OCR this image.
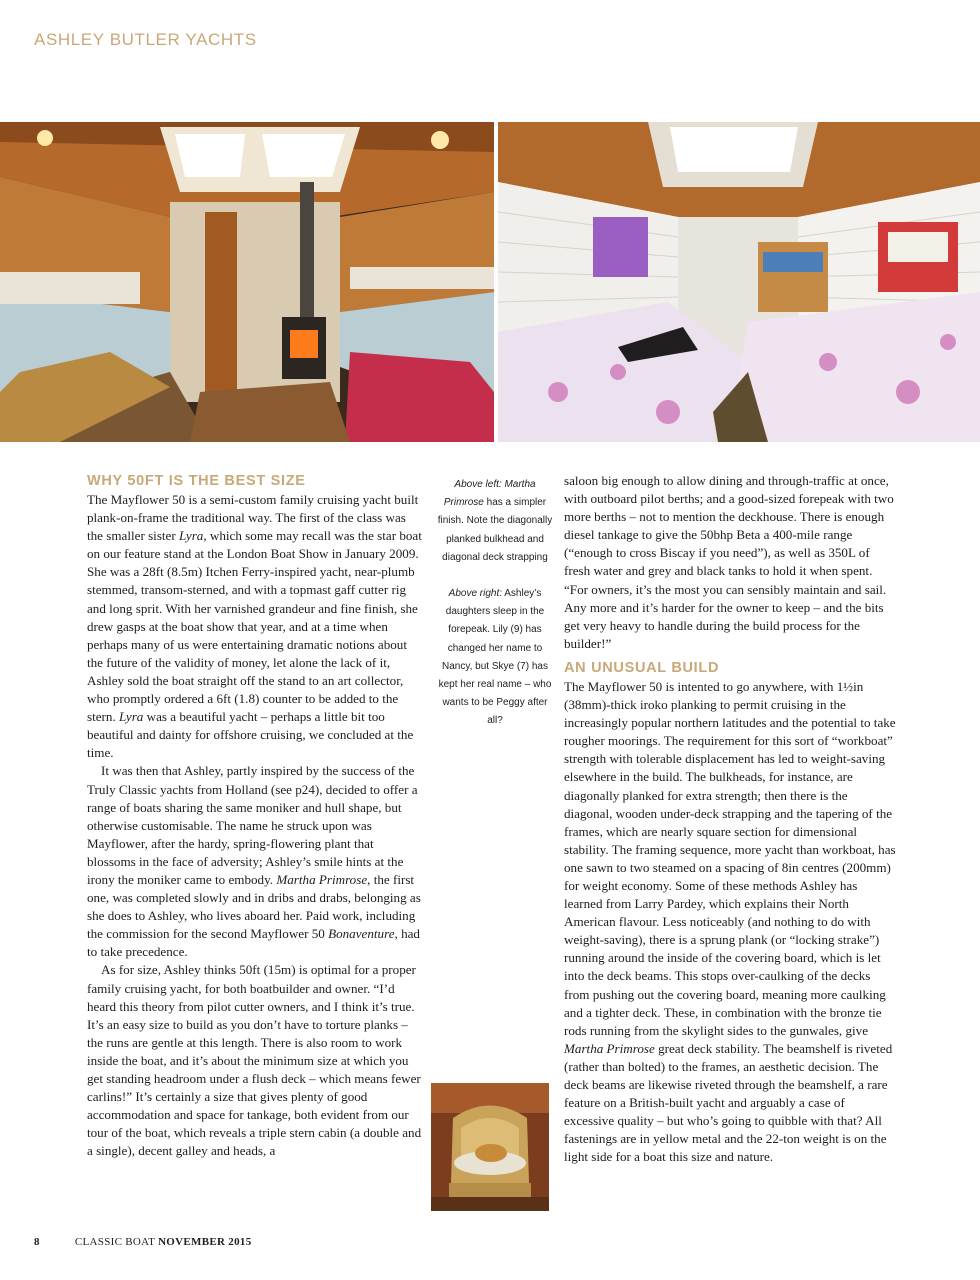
ASHLEY BUTLER YACHTS
WHY 50FT IS THE BEST SIZE

The Mayflower 50 is a semi-custom family cruising yacht built plank-on-frame the traditional way. The first of the class was the smaller sister Lyra, which some may recall was the star boat on our feature stand at the London Boat Show in January 2009. She was a 28ft (8.5m) Itchen Ferry-inspired yacht, near-plumb stemmed, transom-sterned, and with a topmast gaff cutter rig and long sprit. With her varnished grandeur and fine finish, she drew gasps at the boat show that year, and at a time when perhaps many of us were entertaining dramatic notions about the future of the validity of money, let alone the lack of it, Ashley sold the boat straight off the stand to an art collector, who promptly ordered a 6ft (1.8) counter to be added to the stern. Lyra was a beautiful yacht – perhaps a little bit too beautiful and dainty for offshore cruising, we concluded at the time.

It was then that Ashley, partly inspired by the success of the Truly Classic yachts from Holland (see p24), decided to offer a range of boats sharing the same moniker and hull shape, but otherwise customisable. The name he struck upon was Mayflower, after the hardy, spring-flowering plant that blossoms in the face of adversity; Ashley’s smile hints at the irony the moniker came to embody. Martha Primrose, the first one, was completed slowly and in dribs and drabs, belonging as she does to Ashley, who lives aboard her. Paid work, including the commission for the second Mayflower 50 Bonaventure, had to take precedence.

As for size, Ashley thinks 50ft (15m) is optimal for a proper family cruising yacht, for both boatbuilder and owner. “I’d heard this theory from pilot cutter owners, and I think it’s true. It’s an easy size to build as you don’t have to torture planks – the runs are gentle at this length. There is also room to work inside the boat, and it’s about the minimum size at which you get standing headroom under a flush deck – which means fewer carlins!” It’s certainly a size that gives plenty of good accommodation and space for tankage, both evident from our tour of the boat, which reveals a triple stern cabin (a double and a single), decent galley and heads, a

Above left: Martha Primrose has a simpler finish. Note the diagonally planked bulkhead and diagonal deck strapping

Above right: Ashley’s daughters sleep in the forepeak. Lily (9) has changed her name to Nancy, but Skye (7) has kept her real name – who wants to be Peggy after all?

saloon big enough to allow dining and through-traffic at once, with outboard pilot berths; and a good-sized forepeak with two more berths – not to mention the deckhouse. There is enough diesel tankage to give the 50bhp Beta a 400-mile range (“enough to cross Biscay if you need”), as well as 350L of fresh water and grey and black tanks to hold it when spent. “For owners, it’s the most you can sensibly maintain and sail. Any more and it’s harder for the owner to keep – and the bits get very heavy to handle during the build process for the builder!”

AN UNUSUAL BUILD

The Mayflower 50 is intented to go anywhere, with 1½in (38mm)-thick iroko planking to permit cruising in the increasingly popular northern latitudes and the potential to take rougher moorings. The requirement for this sort of “workboat” strength with tolerable displacement has led to weight-saving elsewhere in the build. The bulkheads, for instance, are diagonally planked for extra strength; then there is the diagonal, wooden under-deck strapping and the tapering of the frames, which are nearly square section for dimensional stability. The framing sequence, more yacht than workboat, has one sawn to two steamed on a spacing of 8in centres (200mm) for weight economy. Some of these methods Ashley has learned from Larry Pardey, which explains their North American flavour. Less noticeably (and nothing to do with weight-saving), there is a sprung plank (or “locking strake”) running around the inside of the covering board, which is let into the deck beams. This stops over-caulking of the decks from pushing out the covering board, meaning more caulking and a tighter deck. These, in combination with the bronze tie rods running from the skylight sides to the gunwales, give Martha Primrose great deck stability. The beamshelf is riveted (rather than bolted) to the frames, an aesthetic decision. The deck beams are likewise riveted through the beamshelf, a rare feature on a British-built yacht and arguably a case of excessive quality – but who’s going to quibble with that? All fastenings are in yellow metal and the 22-ton weight is on the light side for a boat this size and nature.

8	CLASSIC BOAT NOVEMBER 2015
